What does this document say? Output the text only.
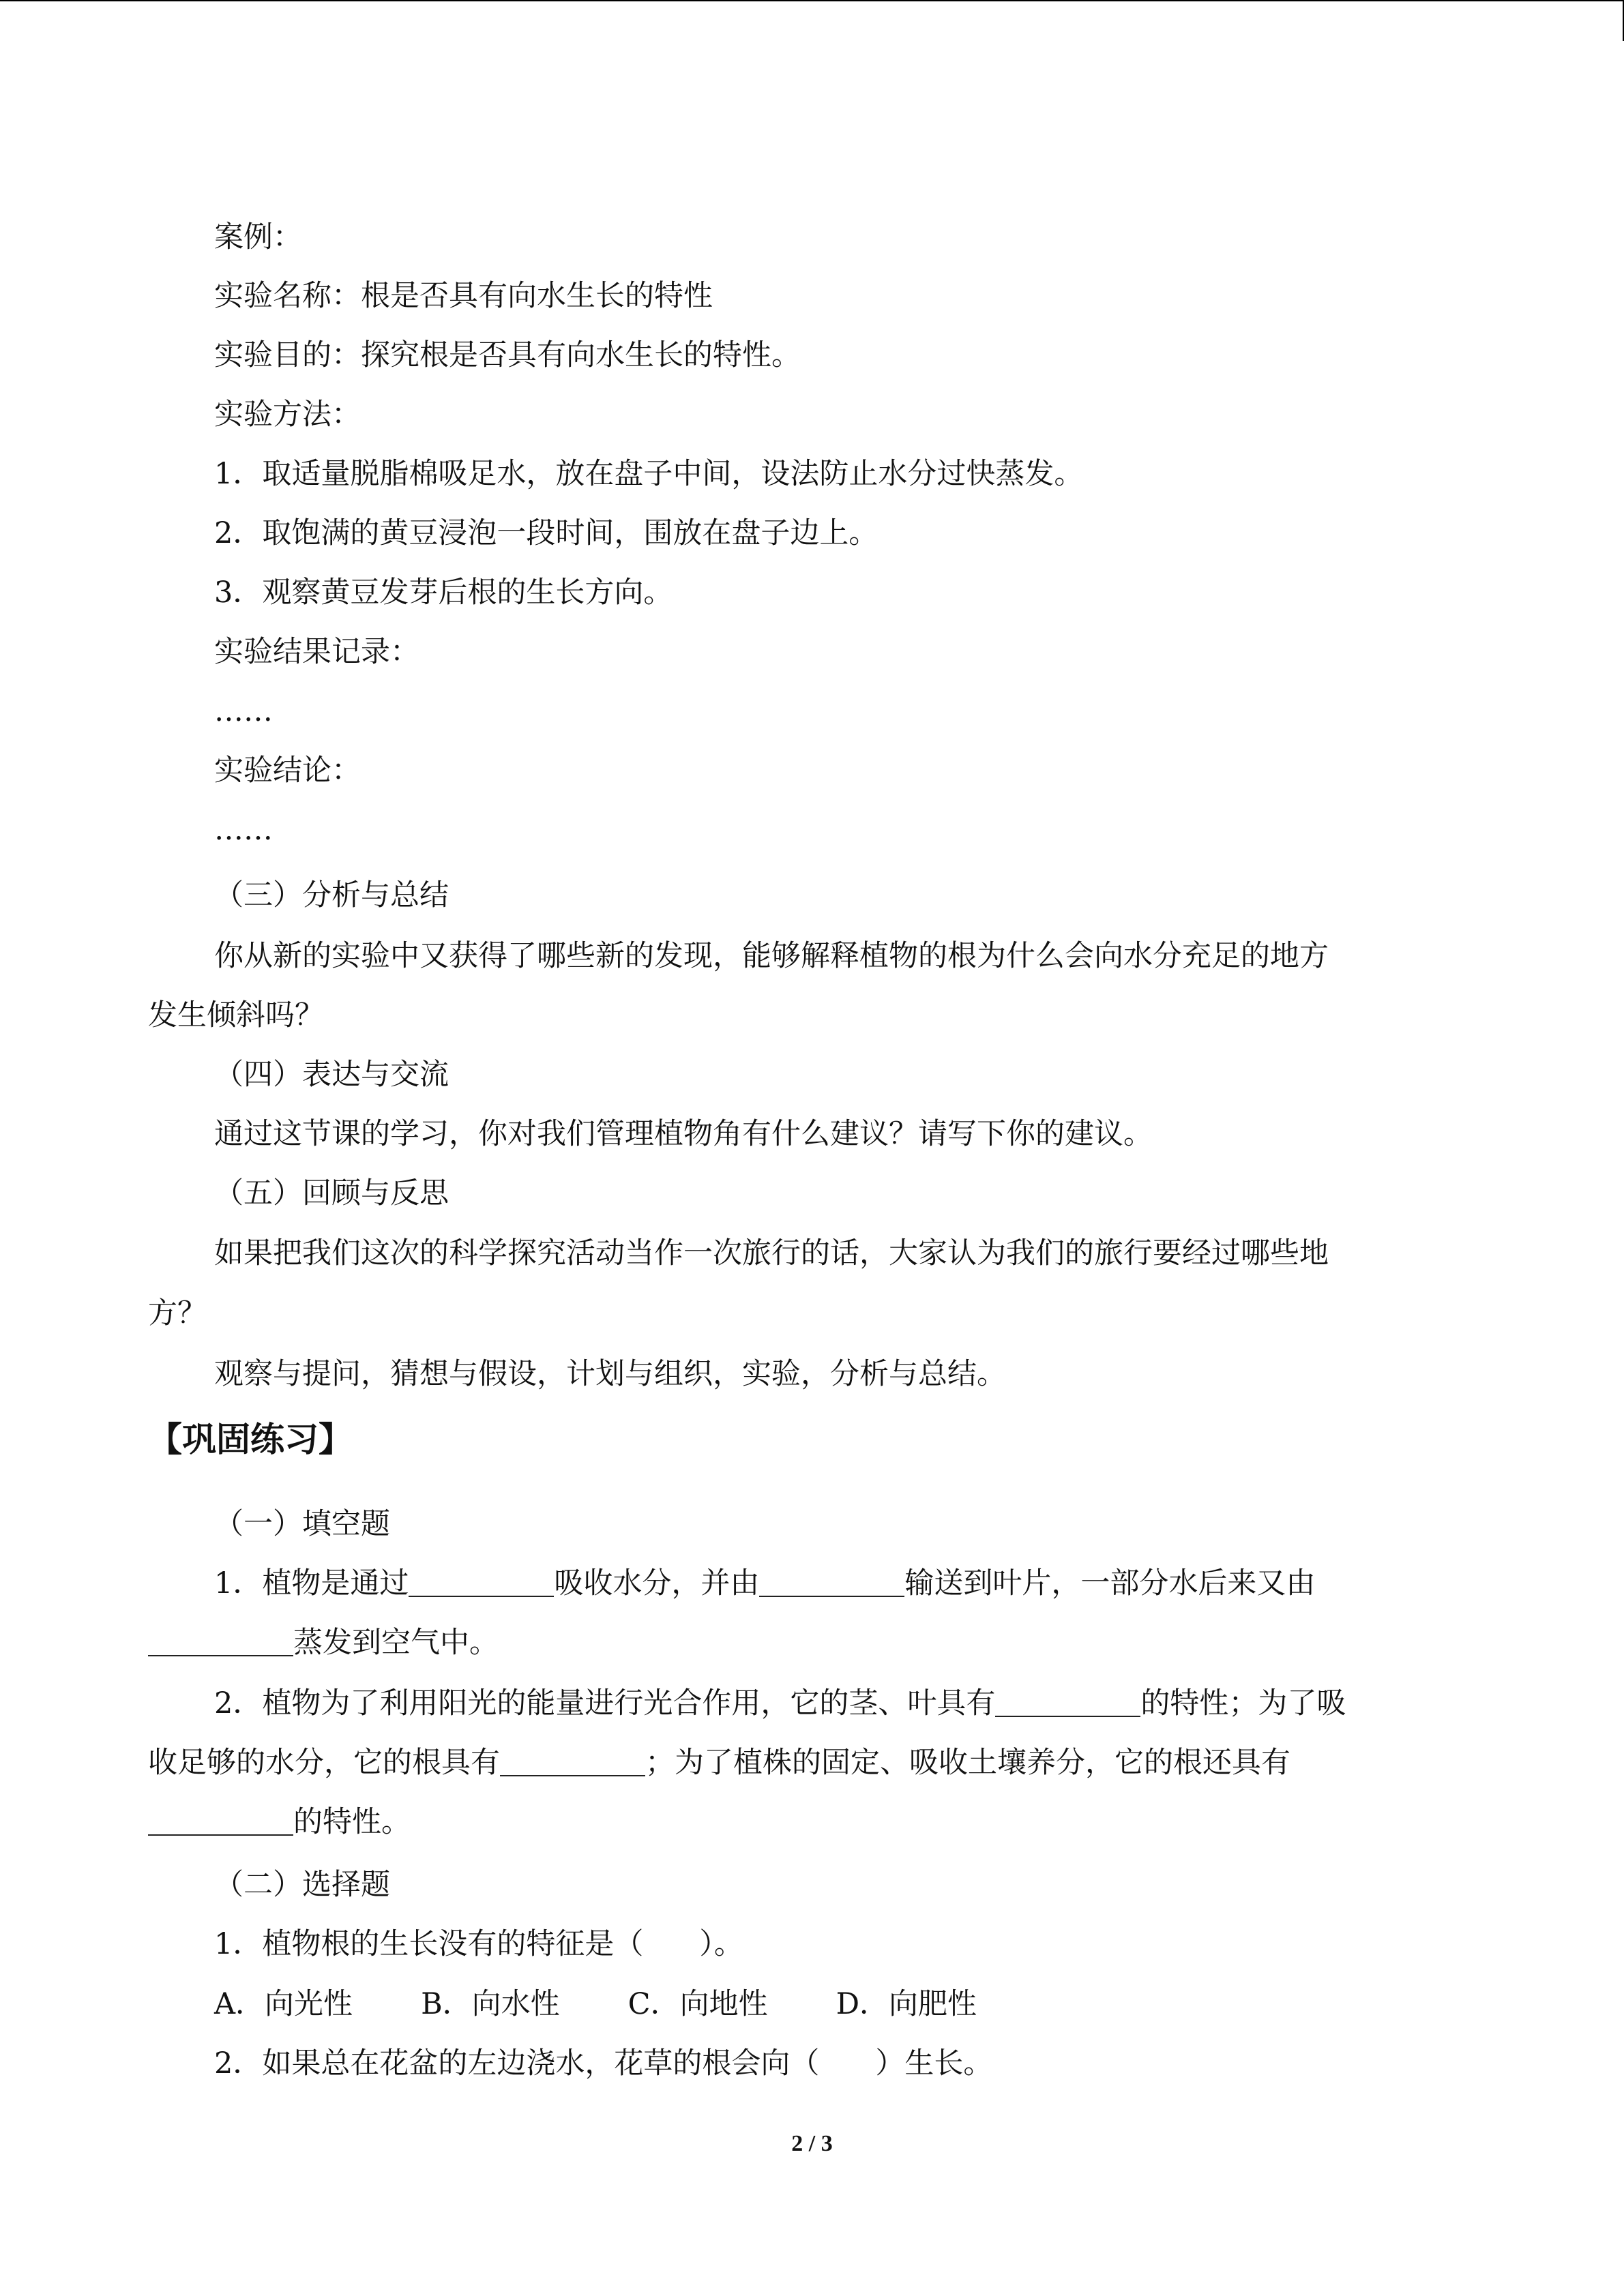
案例：
实验名称：根是否具有向水生长的特性
实验目的：探究根是否具有向水生长的特性。
实验方法：
1．取适量脱脂棉吸足水，放在盘子中间，设法防止水分过快蒸发。
2．取饱满的黄豆浸泡一段时间，围放在盘子边上。
3．观察黄豆发芽后根的生长方向。
实验结果记录：
……
实验结论：
……
（三）分析与总结
你从新的实验中又获得了哪些新的发现，能够解释植物的根为什么会向水分充足的地方
发生倾斜吗？
（四）表达与交流
通过这节课的学习，你对我们管理植物角有什么建议？请写下你的建议。
（五）回顾与反思
如果把我们这次的科学探究活动当作一次旅行的话，大家认为我们的旅行要经过哪些地
方？
观察与提问，猜想与假设，计划与组织，实验，分析与总结。
【巩固练习】
（一）填空题
1．植物是通过	吸收水分，并由	输送到叶片，一部分水后来又由
蒸发到空气中。
2．植物为了利用阳光的能量进行光合作用，它的茎、叶具有	的特性；为了吸
收足够的水分，它的根具有	；为了植株的固定、吸收土壤养分，它的根还具有
的特性。
（二）选择题
1．植物根的生长没有的特征是（ ）。
A．向光性 B．向水性 C．向地性 D．向肥性
2．如果总在花盆的左边浇水，花草的根会向（ ）生长。
2 / 3
